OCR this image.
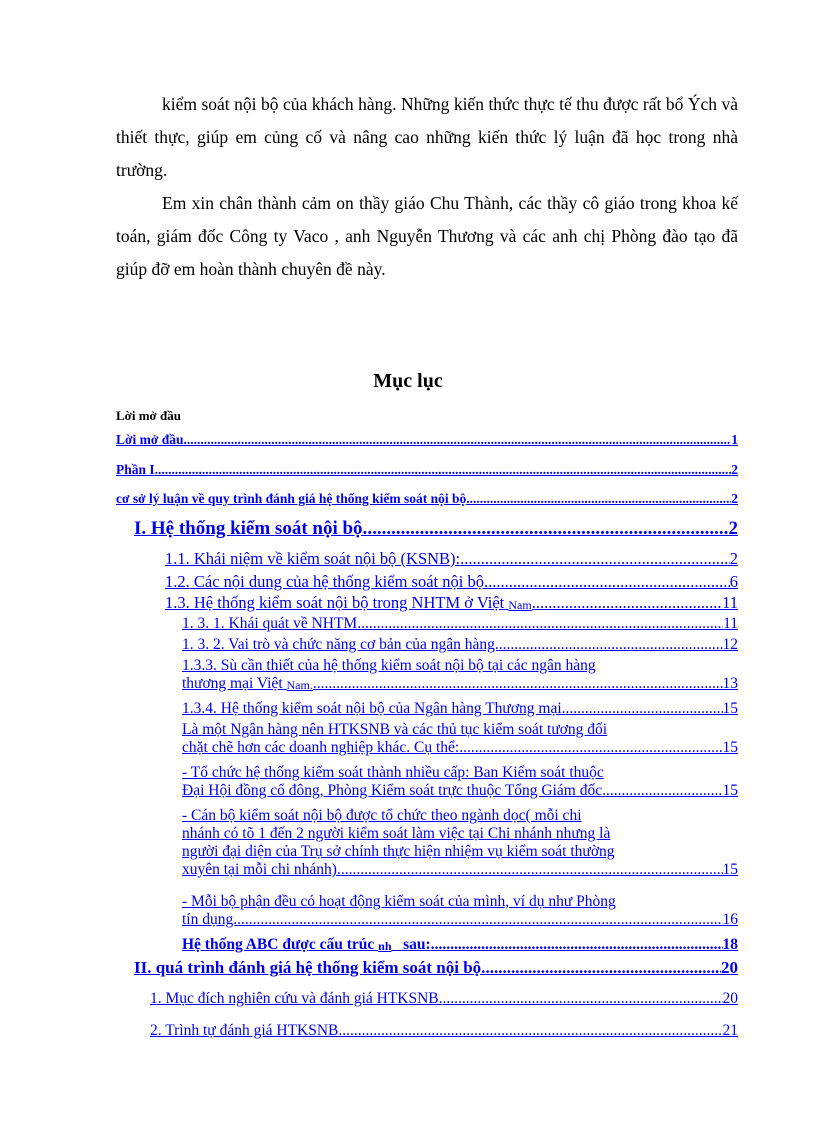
kiểm soát nội bộ của khách hàng. Những kiến thức thực tế thu được rất bổ Ých và thiết thực, giúp em củng cố và nâng cao những kiến thức lý luận đã học trong nhà trường.

Em xin chân thành cảm on thầy giáo Chu Thành, các thầy cô giáo trong khoa kế toán, giám đốc Công ty Vaco , anh Nguyễn Thương và các anh chị Phòng đào tạo đã giúp đỡ em hoàn thành chuyên đề này.

Mục lục
Lời mở đầu
Lời mở đầu .....	1
Phần I .....	2
cơ sở lý luận về quy trình đánh giá hệ thống kiểm soát nội bộ .....	2
I. Hệ thống kiểm soát nội bộ. .....	2
1.1. Khái niệm về kiểm soát nội bộ (KSNB): .....	2
1.2. Các nội dung của hệ thống kiểm soát nội bộ. .....	6
1.3. Hệ thống kiểm soát nội bộ trong NHTM ở Việt
Nam .....	11
1. 3. 1. Khái quát về NHTM. .....	11
1. 3. 2. Vai trò và chức năng cơ bản của ngân hàng. .....	12
1.3.3. Sù cần thiết của hệ thống kiểm soát nội bộ tại các ngân hàng
thương mại Việt
Nam. .....	13
1.3.4. Hệ thống kiểm soát nội bộ của Ngân hàng Thương mại. .....	15
Là một Ngân hàng nên HTKSNB và các thủ tục kiểm soát tương đối
chặt chẽ hơn các doanh nghiệp khác. Cụ thể: .....	15
- Tổ chức hệ thống kiểm soát thành nhiều cấp: Ban Kiểm soát thuộc
Đại Hội đồng cổ đông, Phòng Kiểm soát trực thuộc Tổng Giám đốc .....	15
- Cán bộ kiểm soát nội bộ được tổ chức theo ngành dọc( mỗi chi
nhánh có tõ 1 đến 2 người kiểm soát làm việc tại Chi nhánh nhưng là
người đại diện của Trụ sở chính thực hiện nhiệm vụ kiểm soát thường
xuyên tại mỗi chi nhánh). .....	15
- Mỗi bộ phận đều có hoạt động kiểm soát của mình, ví dụ như Phòng
tín dụng. .....	16
Hệ thống ABC được cấu trúc
nh
sau: .....	18
II. quá trình đánh giá hệ thống kiểm soát nội bộ. .....	20
1. Mục đích nghiên cứu và đánh giá HTKSNB. .....	20
2. Trình tự đánh giá HTKSNB. .....	21
